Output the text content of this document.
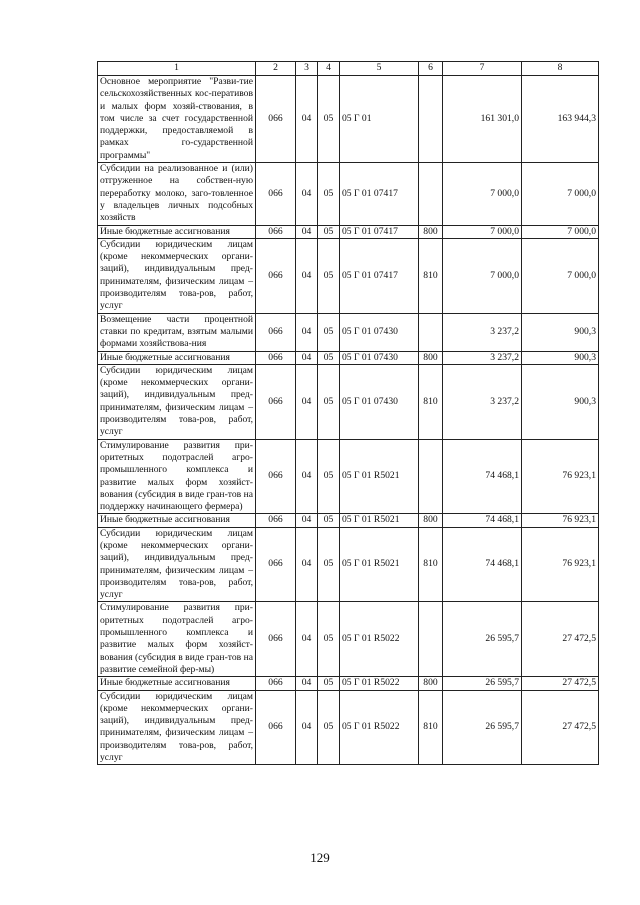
1	2	3	4	5	6	7	8
Основное мероприятие "Разви-тие сельскохозяйственных кос-перативов и малых форм хозяй-ствования, в том числе за счет государственной поддержки, предоставляемой в рамках го-сударственной программы"	066	04	05	05 Г 01		161 301,0	163 944,3
Субсидии на реализованное и (или) отгруженное на собствен-ную переработку молоко, заго-товленное у владельцев личных подсобных хозяйств	066	04	05	05 Г 01 07417		7 000,0	7 000,0
Иные бюджетные ассигнования	066	04	05	05 Г 01 07417	800	7 000,0	7 000,0
Субсидии юридическим лицам (кроме некоммерческих органи-заций), индивидуальным пред-принимателям, физическим лицам – производителям това-ров, работ, услуг	066	04	05	05 Г 01 07417	810	7 000,0	7 000,0
Возмещение части процентной ставки по кредитам, взятым малыми формами хозяйствова-ния	066	04	05	05 Г 01 07430		3 237,2	900,3
Иные бюджетные ассигнования	066	04	05	05 Г 01 07430	800	3 237,2	900,3
Субсидии юридическим лицам (кроме некоммерческих органи-заций), индивидуальным пред-принимателям, физическим лицам – производителям това-ров, работ, услуг	066	04	05	05 Г 01 07430	810	3 237,2	900,3
Стимулирование развития при-оритетных подотраслей агро-промышленного комплекса и развитие малых форм хозяйст-вования (субсидия в виде гран-тов на поддержку начинающего фермера)	066	04	05	05 Г 01 R5021		74 468,1	76 923,1
Иные бюджетные ассигнования	066	04	05	05 Г 01 R5021	800	74 468,1	76 923,1
Субсидии юридическим лицам (кроме некоммерческих органи-заций), индивидуальным пред-принимателям, физическим лицам – производителям това-ров, работ, услуг	066	04	05	05 Г 01 R5021	810	74 468,1	76 923,1
Стимулирование развития при-оритетных подотраслей агро-промышленного комплекса и развитие малых форм хозяйст-вования (субсидия в виде гран-тов на развитие семейной фер-мы)	066	04	05	05 Г 01 R5022		26 595,7	27 472,5
Иные бюджетные ассигнования	066	04	05	05 Г 01 R5022	800	26 595,7	27 472,5
Субсидии юридическим лицам (кроме некоммерческих органи-заций), индивидуальным пред-принимателям, физическим лицам – производителям това-ров, работ, услуг	066	04	05	05 Г 01 R5022	810	26 595,7	27 472,5
129
